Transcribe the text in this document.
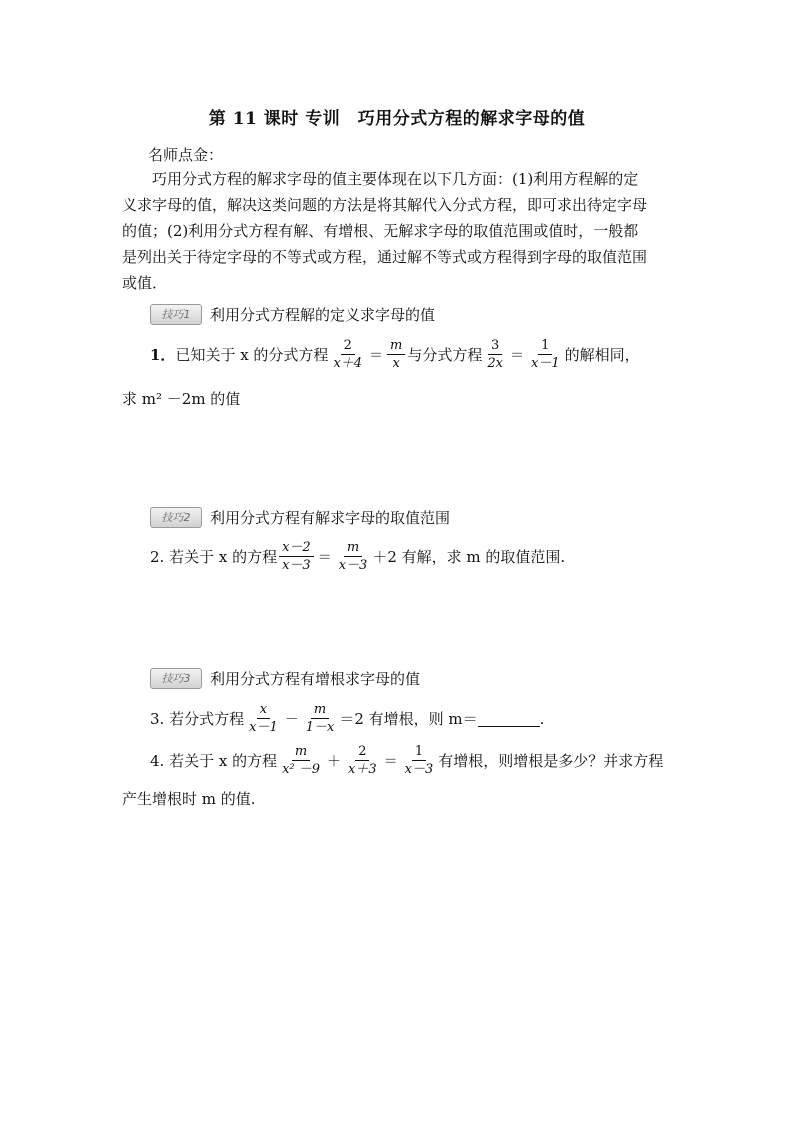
第 11 课时 专训　巧用分式方程的解求字母的值
名师点金：
巧用分式方程的解求字母的值主要体现在以下几方面：(1)利用方程解的定
义求字母的值，解决这类问题的方法是将其解代入分式方程，即可求出待定字母
的值；(2)利用分式方程有解、有增根、无解求字母的取值范围或值时，一般都
是列出关于待定字母的不等式或方程，通过解不等式或方程得到字母的取值范围
或值．
技巧1	利用分式方程解的定义求字母的值
1． 已知关于 x 的分式方程 $\frac{2}{x+4} = \frac{m}{x}$ 与分式方程 $\frac{3}{2x} = \frac{1}{x-1}$ 的解相同，
求 m² －2m 的值
技巧2	利用分式方程有解求字母的取值范围
2.
若关于 x 的方程 $\frac{x-2}{x-3} = \frac{m}{x-3} +2$ 有解，求 m 的取值范围.
技巧3	利用分式方程有增根求字母的值
3.
若分式方程 $\frac{x}{x-1} - \frac{m}{1-x} =2$ 有增根，则 m＝	.
4.
若关于 x 的方程 $\frac{m}{\text{x² －9}} + \frac{2}{x+3} = \frac{1}{x-3}$ 有增根，则增根是多少？并求方程
产生增根时 m 的值.
